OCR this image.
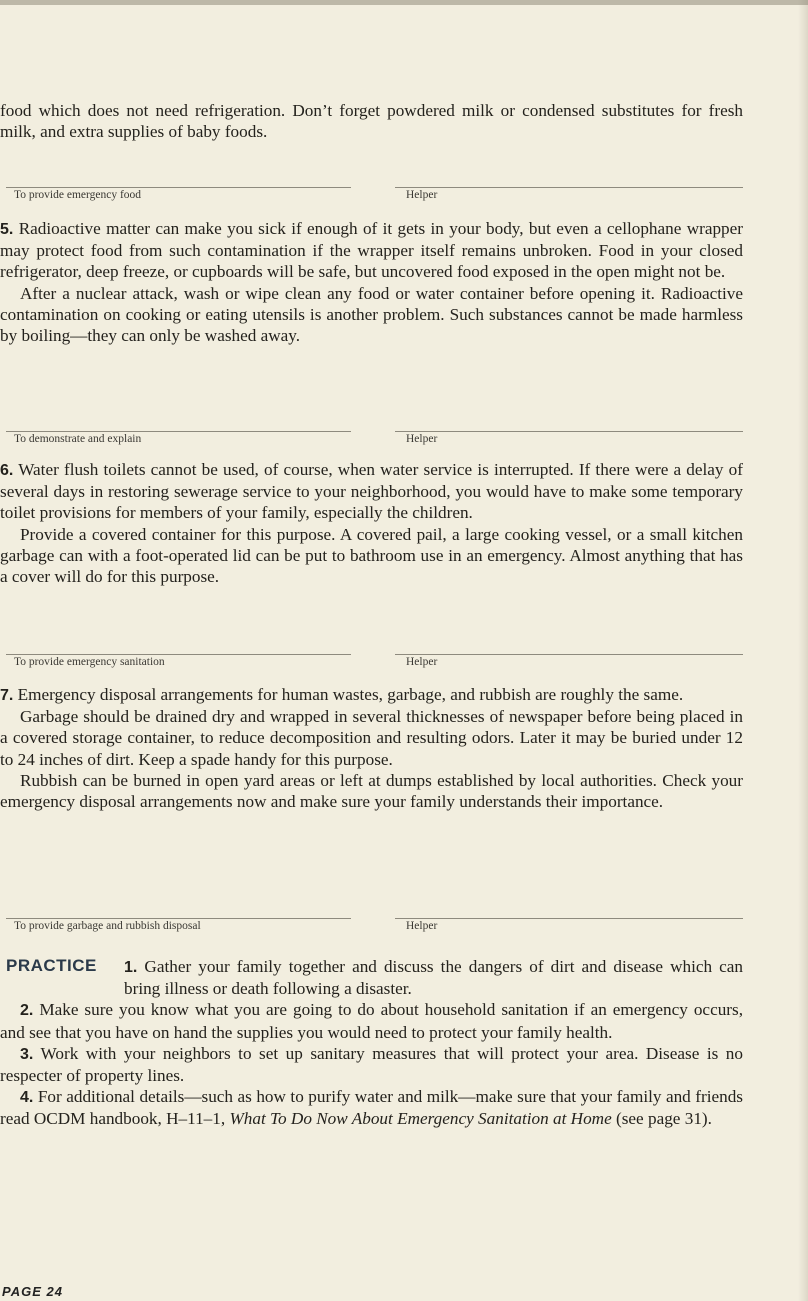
food which does not need refrigeration. Don’t forget powdered milk or condensed substitutes for fresh milk, and extra supplies of baby foods.

To provide emergency food	Helper

5. Radioactive matter can make you sick if enough of it gets in your body, but even a cellophane wrapper may protect food from such contamination if the wrapper itself remains unbroken. Food in your closed refrigerator, deep freeze, or cupboards will be safe, but uncovered food exposed in the open might not be.

After a nuclear attack, wash or wipe clean any food or water container before opening it. Radioactive contamination on cooking or eating utensils is another problem. Such substances cannot be made harmless by boiling—they can only be washed away.

To demonstrate and explain	Helper

6. Water flush toilets cannot be used, of course, when water service is interrupted. If there were a delay of several days in restoring sewerage service to your neighborhood, you would have to make some temporary toilet provisions for members of your family, especially the children.

Provide a covered container for this purpose. A covered pail, a large cooking vessel, or a small kitchen garbage can with a foot-operated lid can be put to bathroom use in an emergency. Almost anything that has a cover will do for this purpose.

To provide emergency sanitation	Helper

7. Emergency disposal arrangements for human wastes, garbage, and rubbish are roughly the same.

Garbage should be drained dry and wrapped in several thicknesses of newspaper before being placed in a covered storage container, to reduce decomposition and resulting odors. Later it may be buried under 12 to 24 inches of dirt. Keep a spade handy for this purpose.

Rubbish can be burned in open yard areas or left at dumps established by local authorities. Check your emergency disposal arrangements now and make sure your family understands their importance.

To provide garbage and rubbish disposal	Helper
PRACTICE	1. Gather your family together and discuss the dangers of dirt and disease which can bring illness or death following a disaster.

2. Make sure you know what you are going to do about household sanitation if an emergency occurs, and see that you have on hand the supplies you would need to protect your family health.

3. Work with your neighbors to set up sanitary measures that will protect your area. Disease is no respecter of property lines.

4. For additional details—such as how to purify water and milk—make sure that your family and friends read OCDM handbook, H–11–1, What To Do Now About Emergency Sanitation at Home (see page 31).

PAGE 24
